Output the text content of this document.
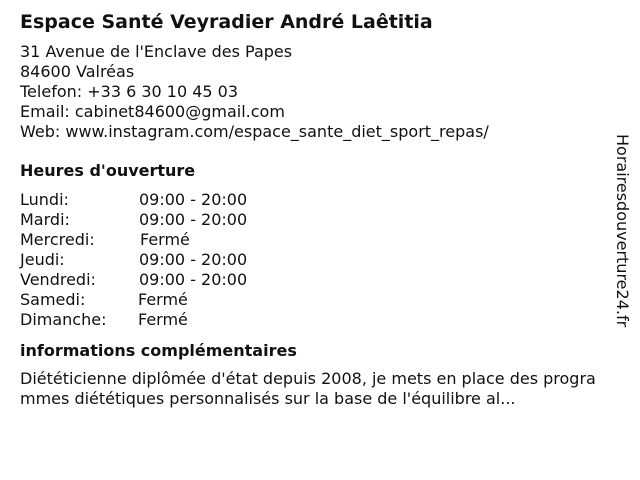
Espace Santé Veyradier André Laêtitia
31 Avenue de l'Enclave des Papes
84600 Valréas
Telefon: +33 6 30 10 45 03
Email: cabinet84600@gmail.com
Web: www.instagram.com/espace_sante_diet_sport_repas/
Heures d'ouverture
Lundi:	09:00 - 20:00
Mardi:	09:00 - 20:00
Mercredi:	Fermé
Jeudi:	09:00 - 20:00
Vendredi:	09:00 - 20:00
Samedi:	Fermé
Dimanche:	Fermé
informations complémentaires
Diététicienne diplômée d'état depuis 2008, je mets en place des programmes diététiques personnalisés sur la base de l'équilibre al...
Horairesdouverture24.fr
